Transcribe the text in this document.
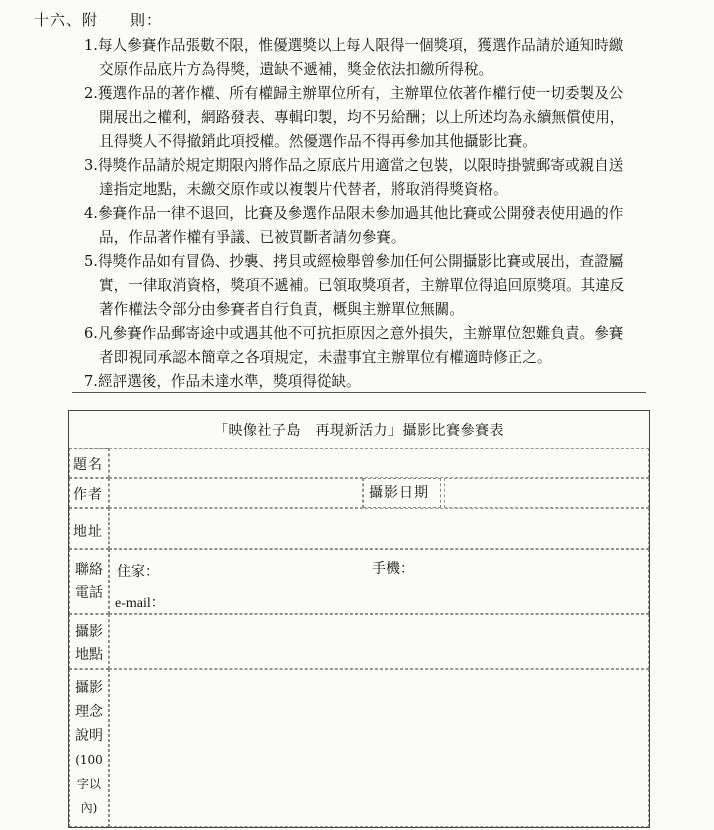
十六、附　　則：
1.每人參賽作品張數不限，惟優選獎以上每人限得一個獎項，獲選作品請於通知時繳
交原作品底片方為得獎，遺缺不遞補，獎金依法扣繳所得稅。
2.獲選作品的著作權、所有權歸主辦單位所有，主辦單位依著作權行使一切委製及公
開展出之權利，網路發表、專輯印製，均不另給酬；以上所述均為永續無償使用，
且得獎人不得撤銷此項授權。然優選作品不得再參加其他攝影比賽。
3.得獎作品請於規定期限內將作品之原底片用適當之包裝，以限時掛號郵寄或親自送
達指定地點，未繳交原作或以複製片代替者，將取消得獎資格。
4.參賽作品一律不退回，比賽及參選作品限未參加過其他比賽或公開發表使用過的作
品，作品著作權有爭議、已被買斷者請勿參賽。
5.得獎作品如有冒偽、抄襲、拷貝或經檢舉曾參加任何公開攝影比賽或展出，查證屬
實，一律取消資格，獎項不遞補。已領取獎項者，主辦單位得追回原獎項。其違反
著作權法令部分由參賽者自行負責，概與主辦單位無關。
6.凡參賽作品郵寄途中或遇其他不可抗拒原因之意外損失，主辦單位恕難負責。參賽
者即視同承認本簡章之各項規定，未盡事宜主辦單位有權適時修正之。
7.經評選後，作品未達水準，獎項得從缺。
「映像社子島　再現新活力」攝影比賽參賽表
題名
作者	攝影日期
地址
聯絡
電話
住家：	手機：
e-mail：
攝影
地點
攝影
理念
說明
(100
字以
內)
